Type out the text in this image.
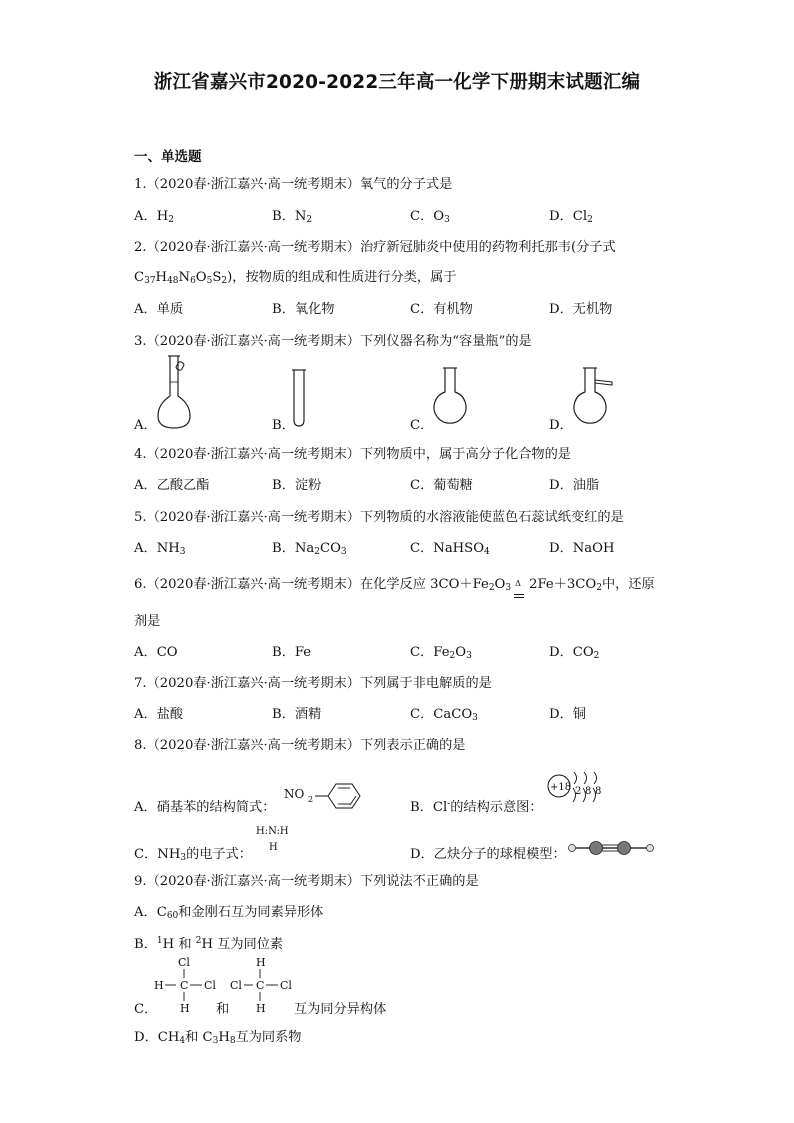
浙江省嘉兴市2020-2022三年高一化学下册期末试题汇编
一、单选题
1.（2020春·浙江嘉兴·高一统考期末）氧气的分子式是
A．$H_2$	B．$N_2$	C．$O_3$	D．$Cl_2$
2.（2020春·浙江嘉兴·高一统考期末）治疗新冠肺炎中使用的药物利托那韦(分子式
$C_{37}H_{48}N_6O_5S_2$)，按物质的组成和性质进行分类，属于
A．单质	B．氧化物	C．有机物	D．无机物
3.（2020春·浙江嘉兴·高一统考期末）下列仪器名称为“容量瓶”的是
A．	B．	C．	D．
4.（2020春·浙江嘉兴·高一统考期末）下列物质中，属于高分子化合物的是
A．乙酸乙酯	B．淀粉	C．葡萄糖	D．油脂
5.（2020春·浙江嘉兴·高一统考期末）下列物质的水溶液能使蓝色石蕊试纸变红的是
A．$NH_3$	B．$Na_2CO_3$	C．NaHSO$_4$	D．NaOH
6.（2020春·浙江嘉兴·高一统考期末）在化学反应 $3CO+Fe_2O_3$ Δ $2Fe+3CO_2$中，还原
剂是
A．CO	B．Fe	C．$Fe_2O_3$	D．$CO_2$
7.（2020春·浙江嘉兴·高一统考期末）下列属于非电解质的是
A．盐酸	B．酒精	C．CaCO$_3$	D．铜
8.（2020春·浙江嘉兴·高一统考期末）下列表示正确的是
A．硝基苯的结构简式：
NO 2
B．Cl-的结构示意图：
+18 2 8 8
C．$NH_3$的电子式：
H:N:H
H	D．乙炔分子的球棍模型：
9.（2020春·浙江嘉兴·高一统考期末）下列说法不正确的是
A．$C_{60}$和金刚石互为同素异形体
B．$^1$H 和 $^2$H 互为同位素
Cl
H C Cl
H
H
Cl C Cl
H
C．	和	互为同分异构体
D．$CH_4$和 $C_3H_8$互为同系物
